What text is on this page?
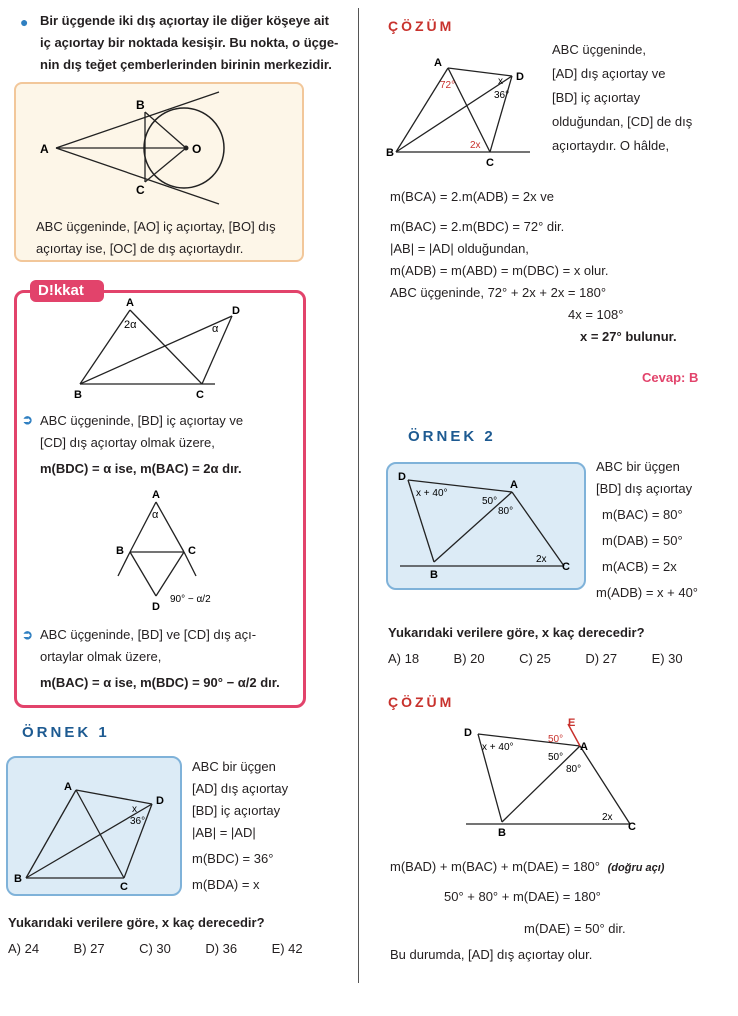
● Bir üçgende iki dış açıortay ile diğer köşeye ait
iç açıortay bir noktada kesişir. Bu nokta, o üçge-
nin dış teğet çemberlerinden birinin merkezidir.
A
B
C
O
ABC üçgeninde, [AO] iç açıortay, [BO] dış
açıortay ise, [OC] de dış açıortaydır.
D!kkat
A
B	C
D
2α	α
➲ ABC üçgeninde, [BD] iç açıortay ve
[CD] dış açıortay olmak üzere,
m(BDC) = α ise, m(BAC) = 2α dır.
A
B	C
D
α
90° − α/2
➲ ABC üçgeninde, [BD] ve [CD] dış açı-
ortaylar olmak üzere,
m(BAC) = α ise, m(BDC) = 90° − α/2 dır.
ÖRNEK 1
A
B
C
D
x
36°
ABC bir üçgen
[AD] dış açıortay
[BD] iç açıortay
|AB| = |AD|
m(BDC) = 36°
m(BDA) = x
Yukarıdaki verilere göre, x kaç derecedir?
A) 24	B) 27	C) 30	D) 36	E) 42
ÇÖZÜM
A
B
C
D
72°
36°
x
2x
ABC üçgeninde,
[AD] dış açıortay ve
[BD] iç açıortay
olduğundan, [CD] de dış
açıortaydır. O hâlde,
m(BCA) = 2.m(ADB) = 2x ve
m(BAC) = 2.m(BDC) = 72° dir.
|AB| = |AD| olduğundan,
m(ADB) = m(ABD) = m(DBC) = x olur.
ABC üçgeninde, 72° + 2x + 2x = 180°
4x = 108°
x = 27° bulunur.
Cevap: B
ÖRNEK 2
D
A
B
C
x + 40°
50°
80°
2x
ABC bir üçgen
[BD] dış açıortay
m(BAC) = 80°
m(DAB) = 50°
m(ACB) = 2x
m(ADB) = x + 40°
Yukarıdaki verilere göre, x kaç derecedir?
A) 18	B) 20	C) 25	D) 27	E) 30
ÇÖZÜM
D
A
B	C
E
x + 40°
50°
50°
80°
2x
m(BAD) + m(BAC) + m(DAE) = 180° (doğru açı)
50° + 80° + m(DAE) = 180°
m(DAE) = 50° dir.
Bu durumda, [AD] dış açıortay olur.
